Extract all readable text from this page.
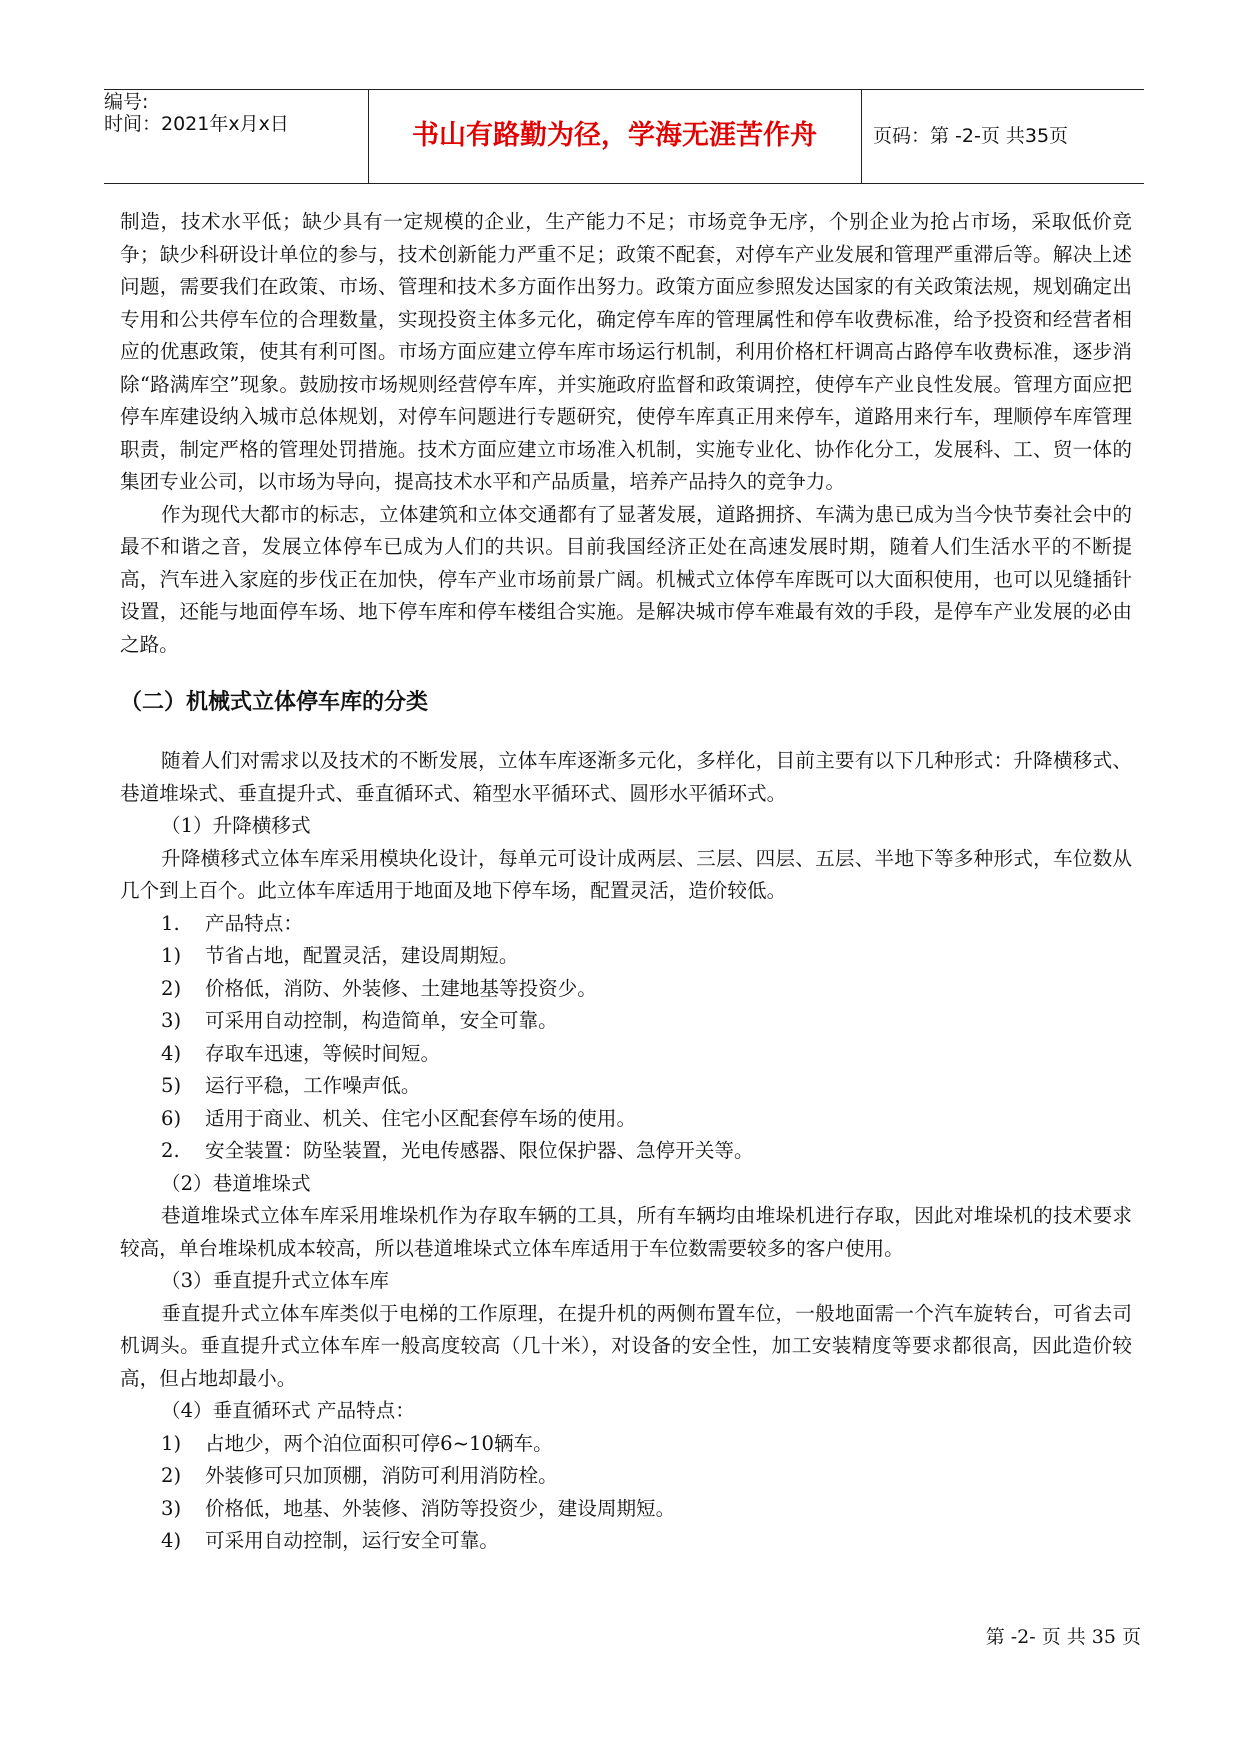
编号:
时间：2021年x月x日	书山有路勤为径，学海无涯苦作舟	页码：第 -2-页 共35页

制造，技术水平低；缺少具有一定规模的企业，生产能力不足；市场竞争无序，个别企业为抢占市场，采取低价竞争；缺少科研设计单位的参与，技术创新能力严重不足；政策不配套，对停车产业发展和管理严重滞后等。解决上述问题，需要我们在政策、市场、管理和技术多方面作出努力。政策方面应参照发达国家的有关政策法规，规划确定出专用和公共停车位的合理数量，实现投资主体多元化，确定停车库的管理属性和停车收费标准，给予投资和经营者相应的优惠政策，使其有利可图。市场方面应建立停车库市场运行机制，利用价格杠杆调高占路停车收费标准，逐步消除“路满库空”现象。鼓励按市场规则经营停车库，并实施政府监督和政策调控，使停车产业良性发展。管理方面应把停车库建设纳入城市总体规划，对停车问题进行专题研究，使停车库真正用来停车，道路用来行车，理顺停车库管理职责，制定严格的管理处罚措施。技术方面应建立市场准入机制，实施专业化、协作化分工，发展科、工、贸一体的集团专业公司，以市场为导向，提高技术水平和产品质量，培养产品持久的竞争力。

作为现代大都市的标志，立体建筑和立体交通都有了显著发展，道路拥挤、车满为患已成为当今快节奏社会中的最不和谐之音，发展立体停车已成为人们的共识。目前我国经济正处在高速发展时期，随着人们生活水平的不断提高，汽车进入家庭的步伐正在加快，停车产业市场前景广阔。机械式立体停车库既可以大面积使用，也可以见缝插针设置，还能与地面停车场、地下停车库和停车楼组合实施。是解决城市停车难最有效的手段，是停车产业发展的必由之路。

（二）机械式立体停车库的分类

随着人们对需求以及技术的不断发展，立体车库逐渐多元化，多样化，目前主要有以下几种形式：升降横移式、巷道堆垛式、垂直提升式、垂直循环式、箱型水平循环式、圆形水平循环式。

（1）升降横移式

升降横移式立体车库采用模块化设计，每单元可设计成两层、三层、四层、五层、半地下等多种形式，车位数从几个到上百个。此立体车库适用于地面及地下停车场，配置灵活，造价较低。

1. 产品特点：
1) 节省占地，配置灵活，建设周期短。
2) 价格低，消防、外装修、土建地基等投资少。
3) 可采用自动控制，构造简单，安全可靠。
4) 存取车迅速，等候时间短。
5) 运行平稳，工作噪声低。
6) 适用于商业、机关、住宅小区配套停车场的使用。
2. 安全装置：防坠装置，光电传感器、限位保护器、急停开关等。

（2）巷道堆垛式

巷道堆垛式立体车库采用堆垛机作为存取车辆的工具，所有车辆均由堆垛机进行存取，因此对堆垛机的技术要求较高，单台堆垛机成本较高，所以巷道堆垛式立体车库适用于车位数需要较多的客户使用。

（3）垂直提升式立体车库

垂直提升式立体车库类似于电梯的工作原理，在提升机的两侧布置车位，一般地面需一个汽车旋转台，可省去司机调头。垂直提升式立体车库一般高度较高（几十米），对设备的安全性，加工安装精度等要求都很高，因此造价较高，但占地却最小。

（4）垂直循环式 产品特点：

1) 占地少，两个泊位面积可停6~10辆车。
2) 外装修可只加顶棚，消防可利用消防栓。
3) 价格低，地基、外装修、消防等投资少，建设周期短。
4) 可采用自动控制，运行安全可靠。
第 -2- 页 共 35 页
